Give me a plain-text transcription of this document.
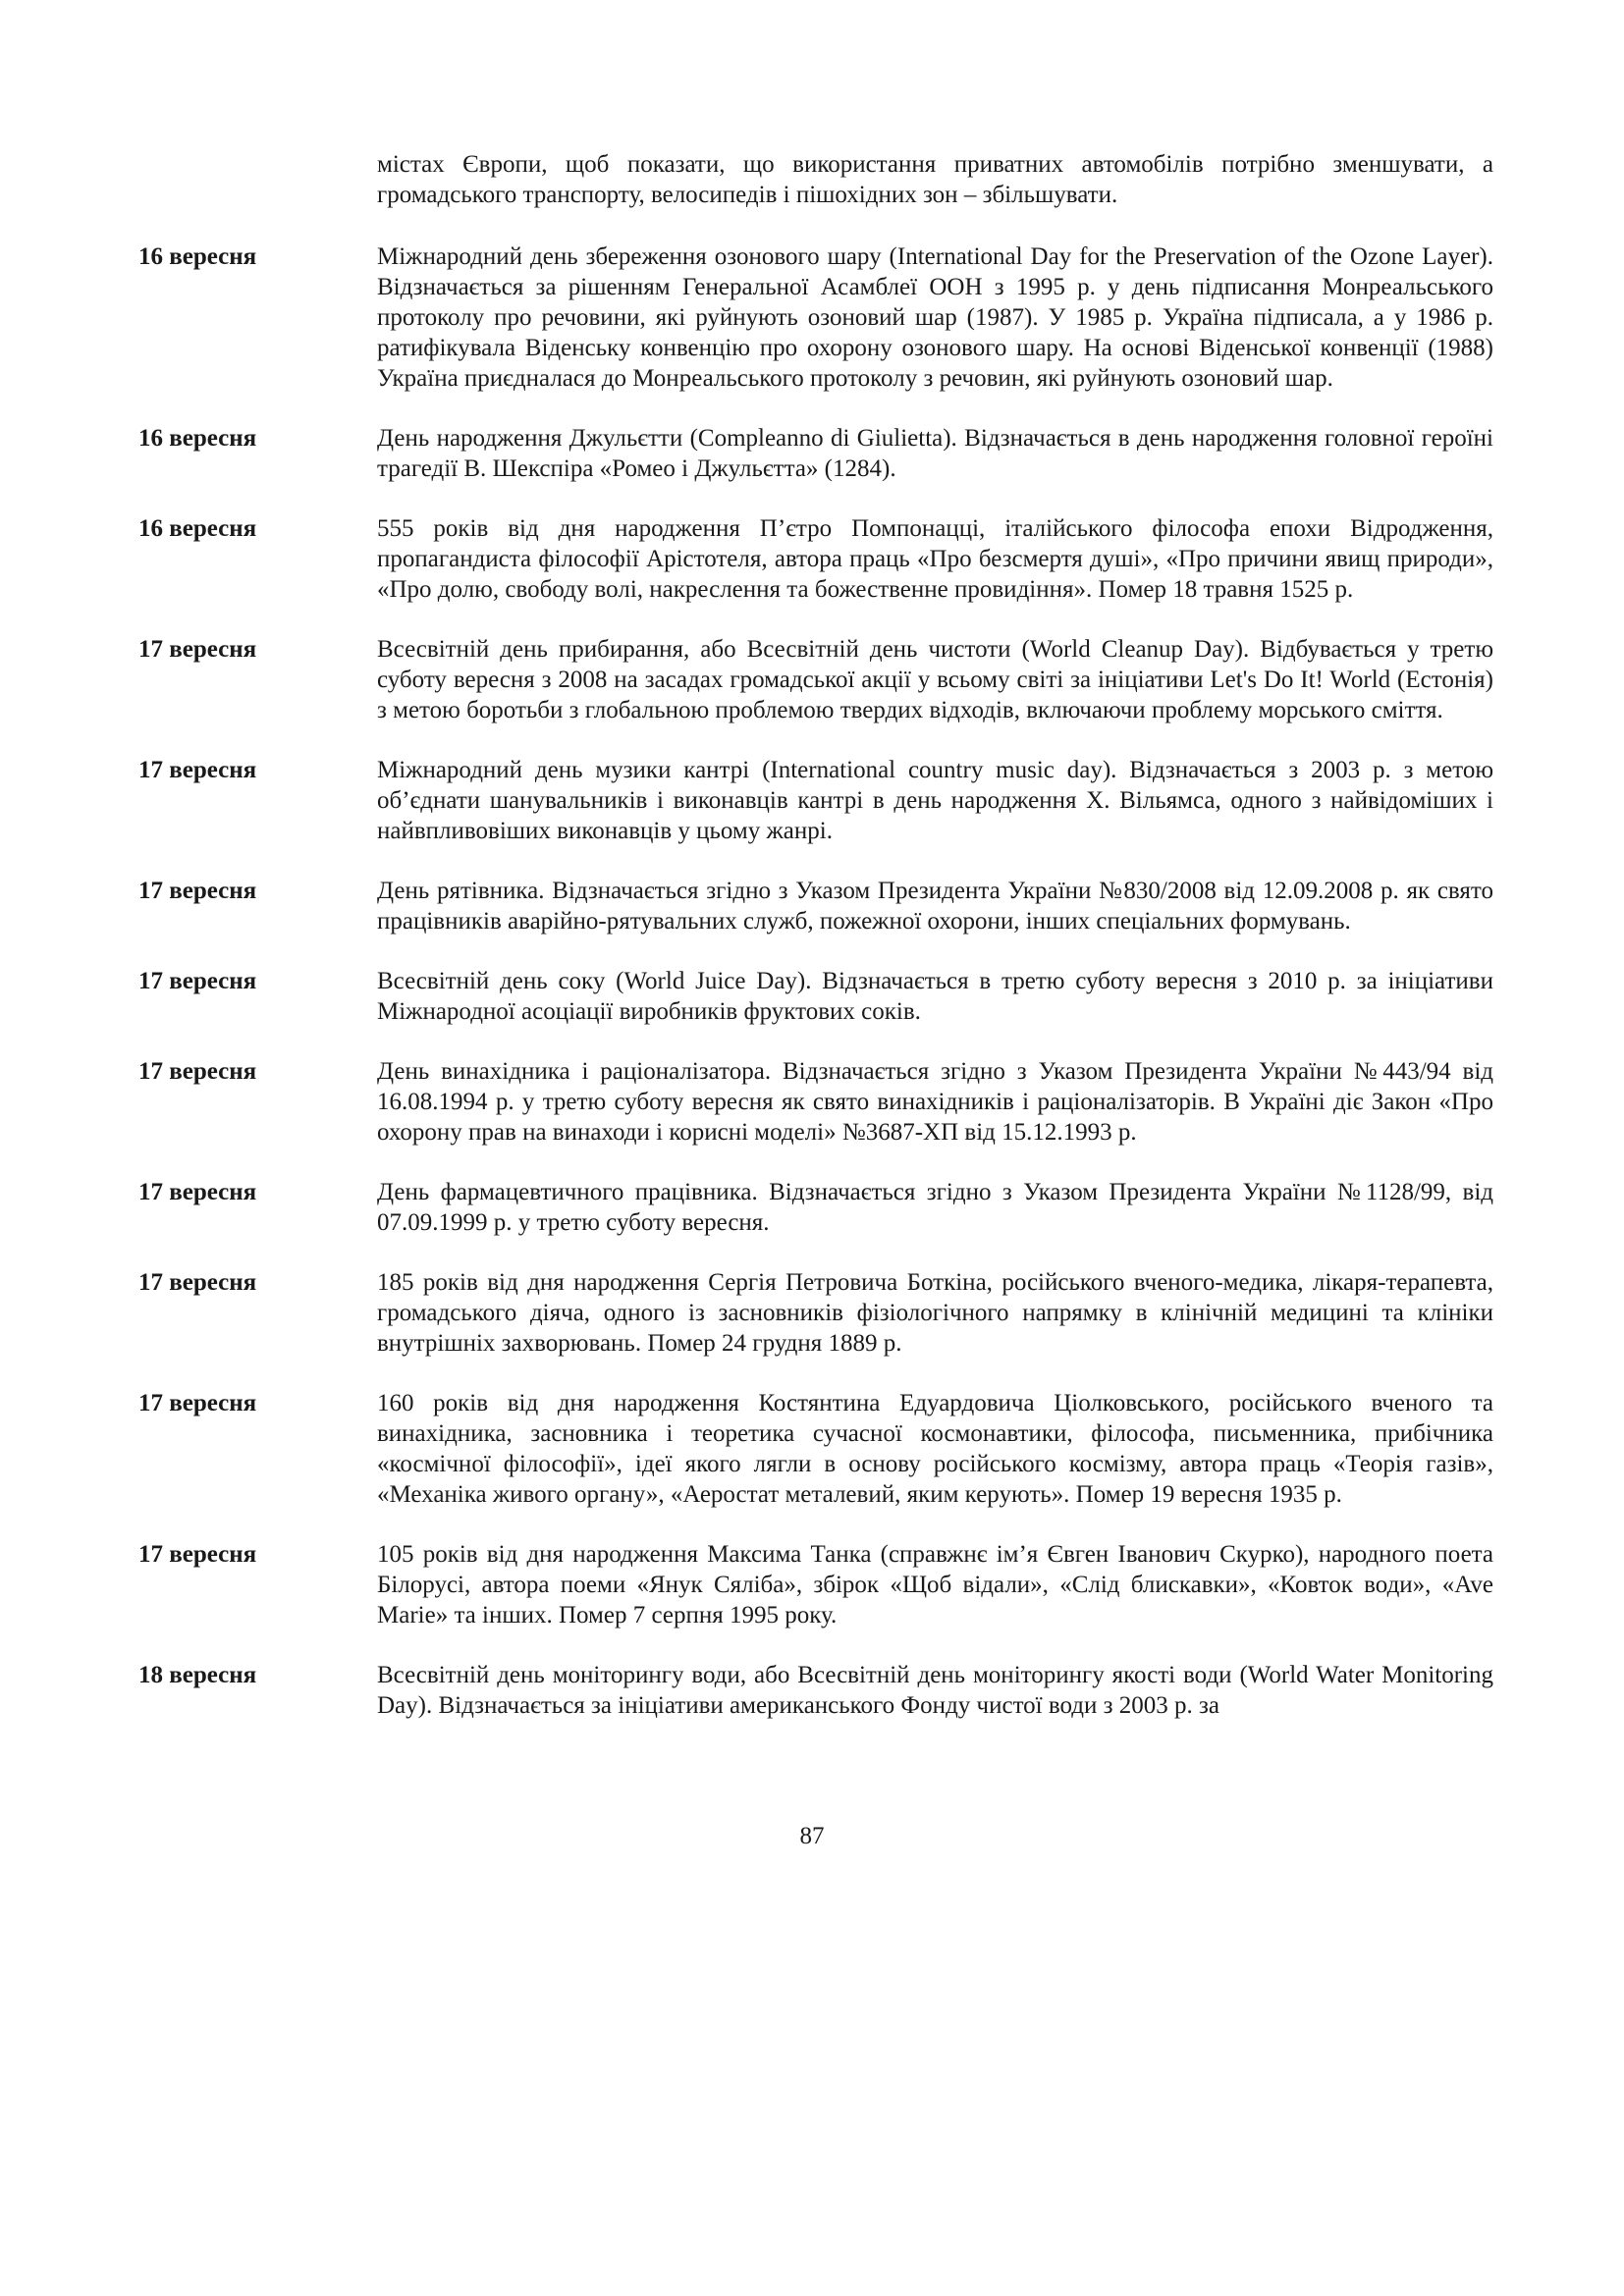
містах Європи, щоб показати, що використання приватних автомобілів потрібно зменшувати, а громадського транспорту, велосипедів і пішохідних зон – збільшувати.
16 вересня	Міжнародний день збереження озонового шару (International Day for the Preservation of the Ozone Layer). Відзначається за рішенням Генеральної Асамблеї ООН з 1995 р. у день підписання Монреальського протоколу про речовини, які руйнують озоновий шар (1987). У 1985 р. Україна підписала, а у 1986 р. ратифікувала Віденську конвенцію про охорону озонового шару. На основі Віденської конвенції (1988) Україна приєдналася до Монреальського протоколу з речовин, які руйнують озоновий шар.
16 вересня	День народження Джульєтти (Compleanno di Giulietta). Відзначається в день народження головної героїні трагедії В. Шекспіра «Ромео і Джульєтта» (1284).
16 вересня	555 років від дня народження П’єтро Помпонацці, італійського філософа епохи Відродження, пропагандиста філософії Арістотеля, автора праць «Про безсмертя душі», «Про причини явищ природи», «Про долю, свободу волі, накреслення та божественне провидіння». Помер 18 травня 1525 р.
17 вересня	Всесвітній день прибирання, або Всесвітній день чистоти (World Cleanup Day). Відбувається у третю суботу вересня з 2008 на засадах громадської акції у всьому світі за ініціативи Let's Do It! World (Естонія) з метою боротьби з глобальною проблемою твердих відходів, включаючи проблему морського сміття.
17 вересня	Міжнародний день музики кантрі (International country music day). Відзначається з 2003 р. з метою об’єднати шанувальників і виконавців кантрі в день народження Х. Вільямса, одного з найвідоміших і найвпливовіших виконавців у цьому жанрі.
17 вересня	День рятівника. Відзначається згідно з Указом Президента України №830/2008 від 12.09.2008 р. як свято працівників аварійно-рятувальних служб, пожежної охорони, інших спеціальних формувань.
17 вересня	Всесвітній день соку (World Juice Day). Відзначається в третю суботу вересня з 2010 р. за ініціативи Міжнародної асоціації виробників фруктових соків.
17 вересня	День винахідника і раціоналізатора. Відзначається згідно з Указом Президента України №443/94 від 16.08.1994 р. у третю суботу вересня як свято винахідників і раціоналізаторів. В Україні діє Закон «Про охорону прав на винаходи і корисні моделі» №3687-ХП від 15.12.1993 р.
17 вересня	День фармацевтичного працівника. Відзначається згідно з Указом Президента України №1128/99, від 07.09.1999 р. у третю суботу вересня.
17 вересня	185 років від дня народження Сергія Петровича Боткіна, російського вченого-медика, лікаря-терапевта, громадського діяча, одного із засновників фізіологічного напрямку в клінічній медицині та клініки внутрішніх захворювань. Помер 24 грудня 1889 р.
17 вересня	160 років від дня народження Костянтина Едуардовича Ціолковського, російського вченого та винахідника, засновника і теоретика сучасної космонавтики, філософа, письменника, прибічника «космічної філософії», ідеї якого лягли в основу російського космізму, автора праць «Теорія газів», «Механіка живого органу», «Аеростат металевий, яким керують». Помер 19 вересня 1935 р.
17 вересня	105 років від дня народження Максима Танка (справжнє ім’я Євген Іванович Скурко), народного поета Білорусі, автора поеми «Янук Сяліба», збірок «Щоб відали», «Слід блискавки», «Ковток води», «Ave Marie» та інших. Помер 7 серпня 1995 року.
18 вересня	Всесвітній день моніторингу води, або Всесвітній день моніторингу якості води (World Water Monitoring Day). Відзначається за ініціативи американського Фонду чистої води з 2003 р. за
87
